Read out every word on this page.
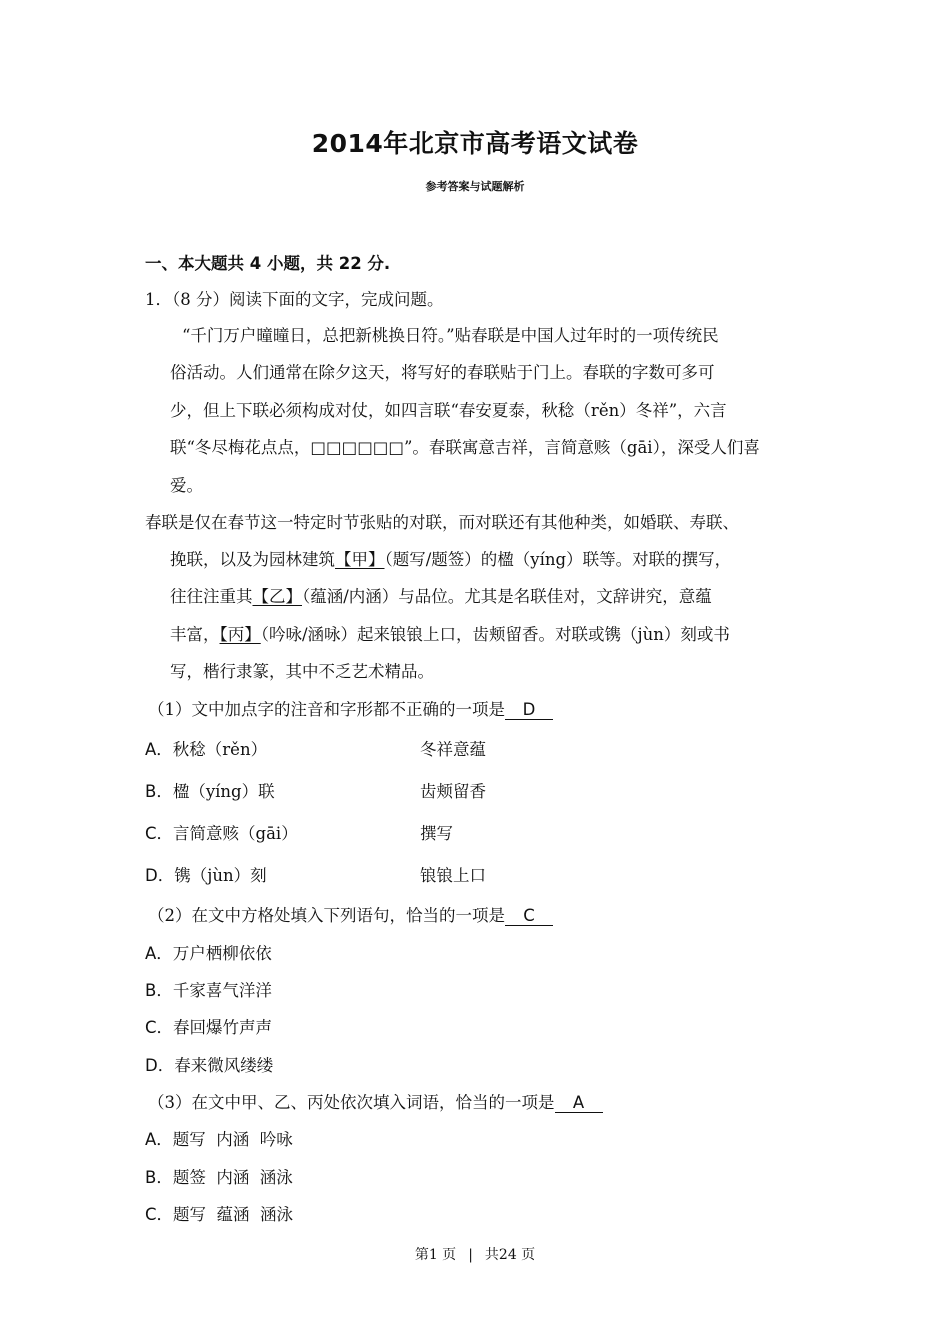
2014年北京市高考语文试卷
参考答案与试题解析
一、本大题共 4 小题，共 22 分.
1．（8 分）阅读下面的文字，完成问题。
“千门万户曈曈日，总把新桃换日符。”贴春联是中国人过年时的一项传统民
俗活动。人们通常在除夕这天，将写好的春联贴于门上。春联的字数可多可
少，但上下联必须构成对仗，如四言联“春安夏泰，秋稔（rěn）冬祥”，六言
联“冬尽梅花点点，□□□□□□”。春联寓意吉祥，言简意赅（gāi），深受人们喜
爱。
春联是仅在春节这一特定时节张贴的对联，而对联还有其他种类，如婚联、寿联、
挽联，以及为园林建筑【甲】（题写/题签）的楹（yíng）联等。对联的撰写，
往往注重其【乙】（蕴涵/内涵）与品位。尤其是名联佳对，文辞讲究，意蕴
丰富，【丙】（吟咏/涵咏）起来锒锒上口，齿颊留香。对联或镌（jùn）刻或书
写，楷行隶篆，其中不乏艺术精品。
（1）文中加点字的注音和字形都不正确的一项是 D
A．秋稔（rěn）	冬祥意蕴
B．楹（yíng）联	齿颊留香
C．言简意赅（gāi）	撰写
D．镌（jùn）刻	锒锒上口
（2）在文中方格处填入下列语句，恰当的一项是 C
A．万户栖柳依依
B．千家喜气洋洋
C．春回爆竹声声
D．春来微风缕缕
（3）在文中甲、乙、丙处依次填入词语，恰当的一项是 A
A．题写  内涵  吟咏
B．题签  内涵  涵泳
C．题写  蕴涵  涵泳
第1 页 | 共24 页
